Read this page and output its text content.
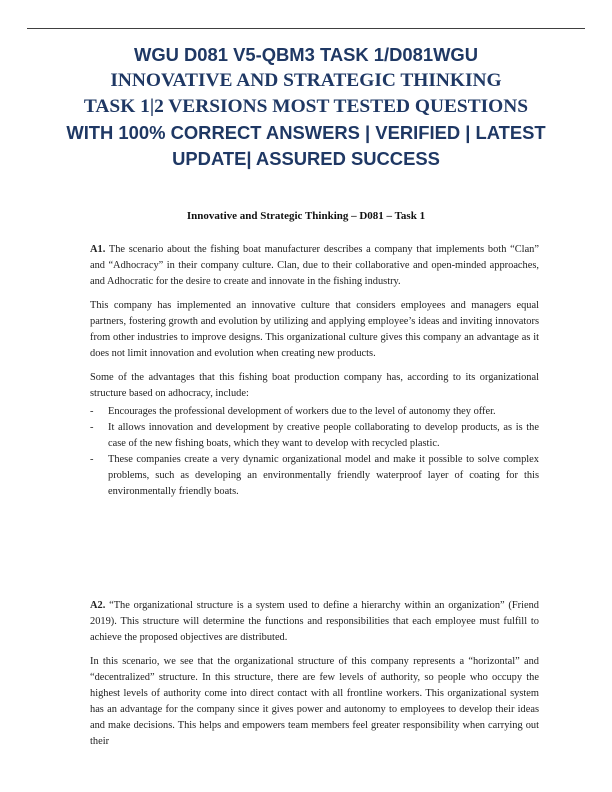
WGU D081 V5-QBM3 TASK 1/D081WGU
INNOVATIVE AND STRATEGIC THINKING
TASK 1|2 VERSIONS MOST TESTED QUESTIONS
WITH 100% CORRECT ANSWERS | VERIFIED | LATEST
UPDATE| ASSURED SUCCESS
Innovative and Strategic Thinking – D081 – Task 1

A1. The scenario about the fishing boat manufacturer describes a company that implements both “Clan” and “Adhocracy” in their company culture. Clan, due to their collaborative and open-minded approaches, and Adhocratic for the desire to create and innovate in the fishing industry.

This company has implemented an innovative culture that considers employees and managers equal partners, fostering growth and evolution by utilizing and applying employee’s ideas and inviting innovators from other industries to improve designs. This organizational culture gives this company an advantage as it does not limit innovation and evolution when creating new products.

Some of the advantages that this fishing boat production company has, according to its organizational structure based on adhocracy, include:

- Encourages the professional development of workers due to the level of autonomy they offer.
- It allows innovation and development by creative people collaborating to develop products, as is the case of the new fishing boats, which they want to develop with recycled plastic.
- These companies create a very dynamic organizational model and make it possible to solve complex problems, such as developing an environmentally friendly waterproof layer of coating for this environmentally friendly boats.

A2. “The organizational structure is a system used to define a hierarchy within an organization” (Friend 2019). This structure will determine the functions and responsibilities that each employee must fulfill to achieve the proposed objectives are distributed.

In this scenario, we see that the organizational structure of this company represents a “horizontal” and “decentralized” structure. In this structure, there are few levels of authority, so people who occupy the highest levels of authority come into direct contact with all frontline workers. This organizational system has an advantage for the company since it gives power and autonomy to employees to develop their ideas and make decisions. This helps and empowers team members feel greater responsibility when carrying out their
